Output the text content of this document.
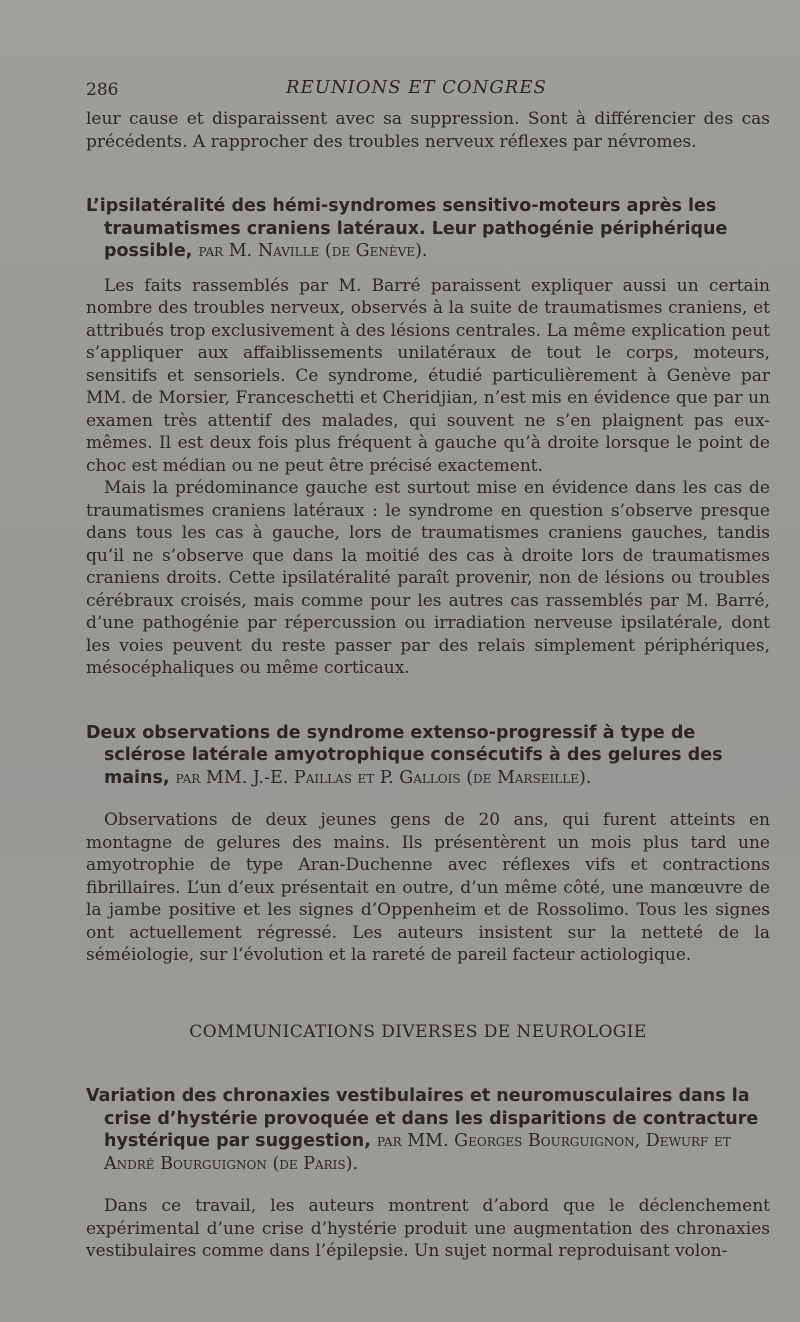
286	REUNIONS ET CONGRES

leur cause et disparaissent avec sa suppression. Sont à différencier des cas précédents. A rapprocher des troubles nerveux réflexes par névromes.

L’ipsilatéralité des hémi-syndromes sensitivo-moteurs après les traumatismes craniens latéraux. Leur pathogénie périphérique possible, par M. Naville (de Genève).

Les faits rassemblés par M. Barré paraissent expliquer aussi un certain nombre des troubles nerveux, observés à la suite de traumatismes craniens, et attribués trop exclusivement à des lésions centrales. La même explication peut s’appliquer aux affaiblissements unilatéraux de tout le corps, moteurs, sensitifs et sensoriels. Ce syndrome, étudié particulièrement à Genève par MM. de Morsier, Franceschetti et Cheridjian, n’est mis en évidence que par un examen très attentif des malades, qui souvent ne s’en plaignent pas eux-mêmes. Il est deux fois plus fréquent à gauche qu’à droite lorsque le point de choc est médian ou ne peut être précisé exactement.

Mais la prédominance gauche est surtout mise en évidence dans les cas de traumatismes craniens latéraux : le syndrome en question s’observe presque dans tous les cas à gauche, lors de traumatismes craniens gauches, tandis qu’il ne s’observe que dans la moitié des cas à droite lors de traumatismes craniens droits. Cette ipsilatéralité paraît provenir, non de lésions ou troubles cérébraux croisés, mais comme pour les autres cas rassemblés par M. Barré, d’une pathogénie par répercussion ou irradiation nerveuse ipsilatérale, dont les voies peuvent du reste passer par des relais simplement périphériques, mésocéphaliques ou même corticaux.

Deux observations de syndrome extenso-progressif à type de sclérose latérale amyotrophique consécutifs à des gelures des mains, par MM. J.-E. Paillas et P. Gallois (de Marseille).

Observations de deux jeunes gens de 20 ans, qui furent atteints en montagne de gelures des mains. Ils présentèrent un mois plus tard une amyotrophie de type Aran-Duchenne avec réflexes vifs et contractions fibrillaires. L’un d’eux présentait en outre, d’un même côté, une manœuvre de la jambe positive et les signes d’Oppenheim et de Rossolimo. Tous les signes ont actuellement régressé. Les auteurs insistent sur la netteté de la séméiologie, sur l’évolution et la rareté de pareil facteur actiologique.

COMMUNICATIONS DIVERSES DE NEUROLOGIE

Variation des chronaxies vestibulaires et neuromusculaires dans la crise d’hystérie provoquée et dans les disparitions de contracture hystérique par suggestion, par MM. Georges Bourguignon, Dewurf et André Bourguignon (de Paris).

Dans ce travail, les auteurs montrent d’abord que le déclenchement expérimental d’une crise d’hystérie produit une augmentation des chronaxies vestibulaires comme dans l’épilepsie. Un sujet normal reproduisant volon-
